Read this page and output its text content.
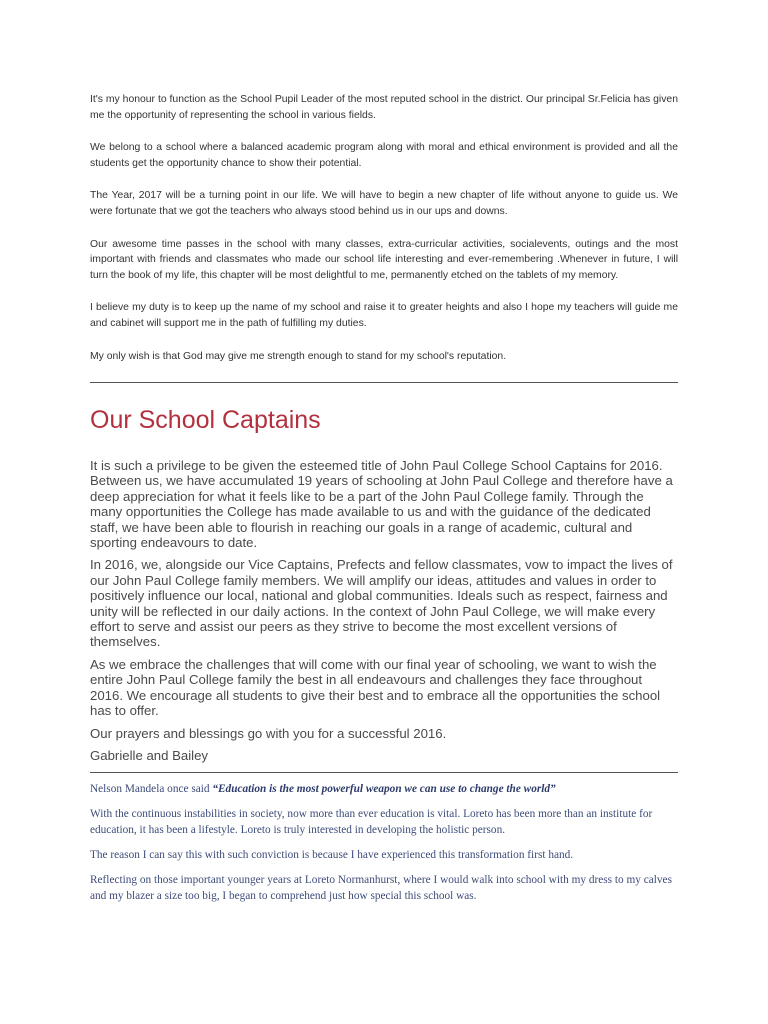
It's my honour to function as the School Pupil Leader of the most reputed school in the district. Our principal Sr.Felicia has given me the opportunity of representing the school in various fields.

We belong to a school where a balanced academic program along with moral and ethical environment is provided and all the students get the opportunity chance to show their potential.

The Year, 2017 will be a turning point in our life. We will have to begin a new chapter of life without anyone to guide us. We were fortunate that we got the teachers who always stood behind us in our ups and downs.

Our awesome time passes in the school with many classes, extra-curricular activities, socialevents, outings and the most important with friends and classmates who made our school life interesting and ever-remembering .Whenever in future, I will turn the book of my life, this chapter will be most delightful to me, permanently etched on the tablets of my memory.

I believe my duty is to keep up the name of my school and raise it to greater heights and also I hope my teachers will guide me and cabinet will support me in the path of fulfilling my duties.

My only wish is that God may give me strength enough to stand for my school's reputation.

Our School Captains

It is such a privilege to be given the esteemed title of John Paul College School Captains for 2016. Between us, we have accumulated 19 years of schooling at John Paul College and therefore have a deep appreciation for what it feels like to be a part of the John Paul College family. Through the many opportunities the College has made available to us and with the guidance of the dedicated staff, we have been able to flourish in reaching our goals in a range of academic, cultural and sporting endeavours to date.

In 2016, we, alongside our Vice Captains, Prefects and fellow classmates, vow to impact the lives of our John Paul College family members. We will amplify our ideas, attitudes and values in order to positively influence our local, national and global communities. Ideals such as respect, fairness and unity will be reflected in our daily actions. In the context of John Paul College, we will make every effort to serve and assist our peers as they strive to become the most excellent versions of themselves.

As we embrace the challenges that will come with our final year of schooling, we want to wish the entire John Paul College family the best in all endeavours and challenges they face throughout 2016. We encourage all students to give their best and to embrace all the opportunities the school has to offer.

Our prayers and blessings go with you for a successful 2016.

Gabrielle and Bailey

Nelson Mandela once said “Education is the most powerful weapon we can use to change the world”

With the continuous instabilities in society, now more than ever education is vital. Loreto has been more than an institute for education, it has been a lifestyle. Loreto is truly interested in developing the holistic person.

The reason I can say this with such conviction is because I have experienced this transformation first hand.

Reflecting on those important younger years at Loreto Normanhurst, where I would walk into school with my dress to my calves and my blazer a size too big, I began to comprehend just how special this school was.
